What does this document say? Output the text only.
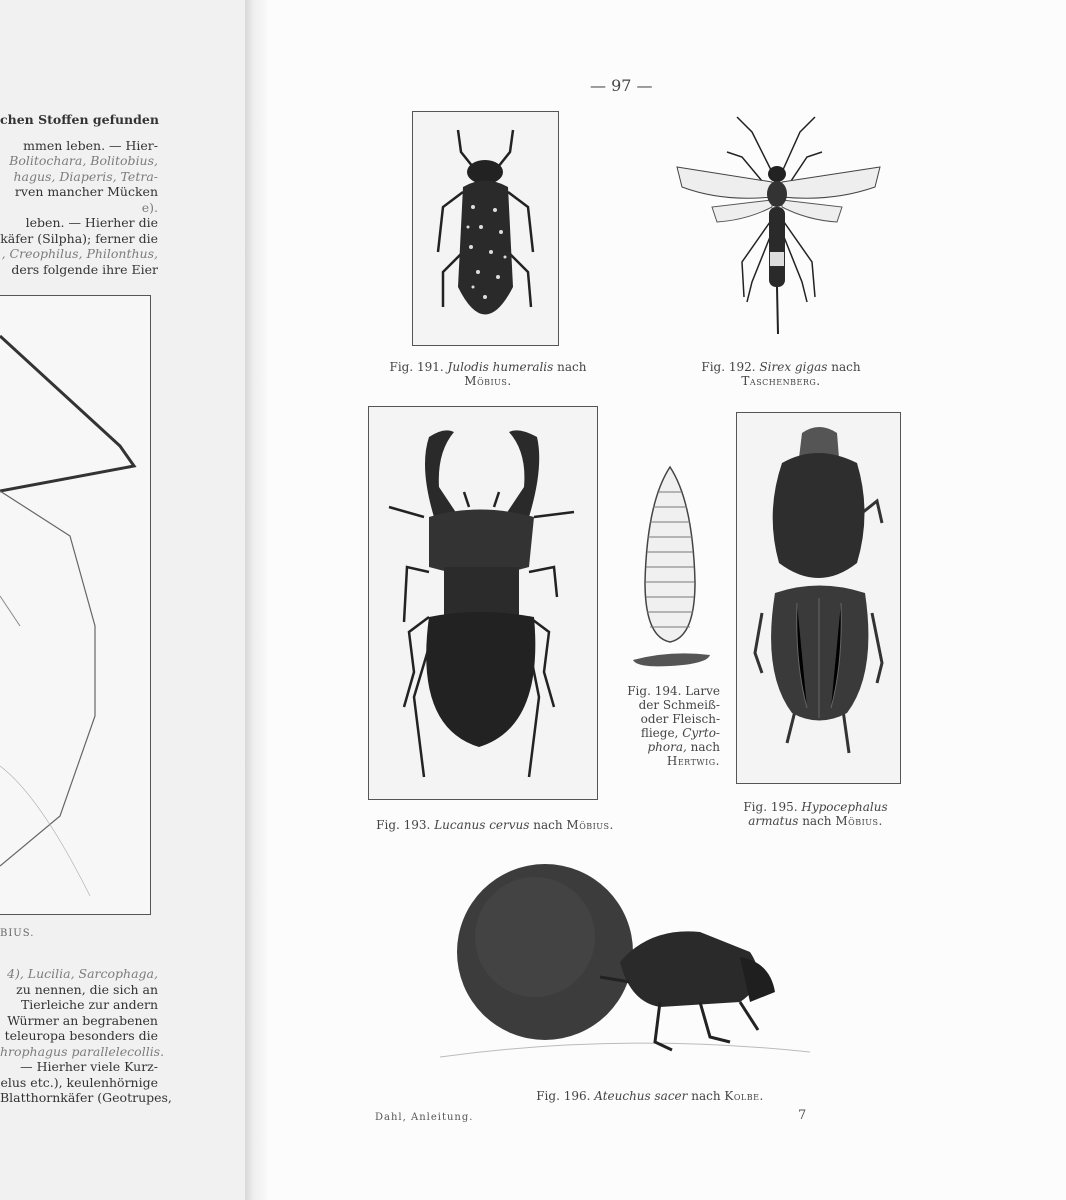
chen Stoffen gefunden

mmen leben. — Hier-

Bolitochara, Bolitobius,

hagus, Diaperis, Tetra-

rven mancher Mücken

e).

leben. — Hierher die

käfer (Silpha); ferner die

, Creophilus, Philonthus,

ders folgende ihre Eier

BIUS.

4), Lucilia, Sarcophaga,

zu nennen, die sich an

Tierleiche zur andern

Würmer an begrabenen

teleuropa besonders die

hrophagus parallelecollis.

— Hierher viele Kurz-

elus etc.), keulenhörnige

Blatthornkäfer (Geotrupes,

— 97 —
Fig. 191. Julodis humeralis nach
Möbius.
Fig. 192. Sirex gigas nach
Taschenberg.
Fig. 193. Lucanus cervus nach Möbius.
Fig. 194. Larve
der Schmeiß-
oder Fleisch-
fliege, Cyrto-
phora, nach
Hertwig.
Fig. 195. Hypocephalus
armatus nach Möbius.
Fig. 196. Ateuchus sacer nach Kolbe.
Dahl, Anleitung.	7
